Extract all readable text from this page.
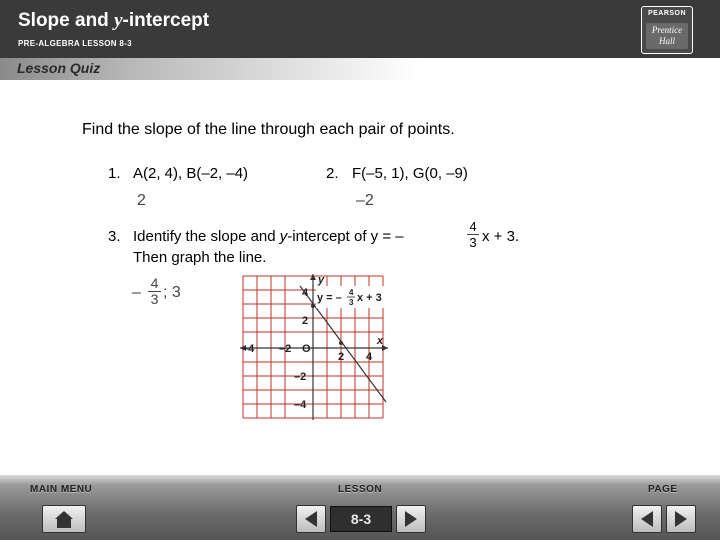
Slope and y-intercept
PRE-ALGEBRA LESSON 8-3
PEARSON
Prentice
Hall
Lesson Quiz
Find the slope of the line through each pair of points.
1. A(2, 4), B(–2, –4)
2
2. F(–5, 1), G(0, –9)
–2
3. Identify the slope and y-intercept of y = –
4
3 x + 3.
Then graph the line.
–
4
3 ; 3
y
x
–4 –2 O
2 4
4
2
–2
–4
y = – 4
3 x + 3
MAIN MENU	LESSON	PAGE
8-3
